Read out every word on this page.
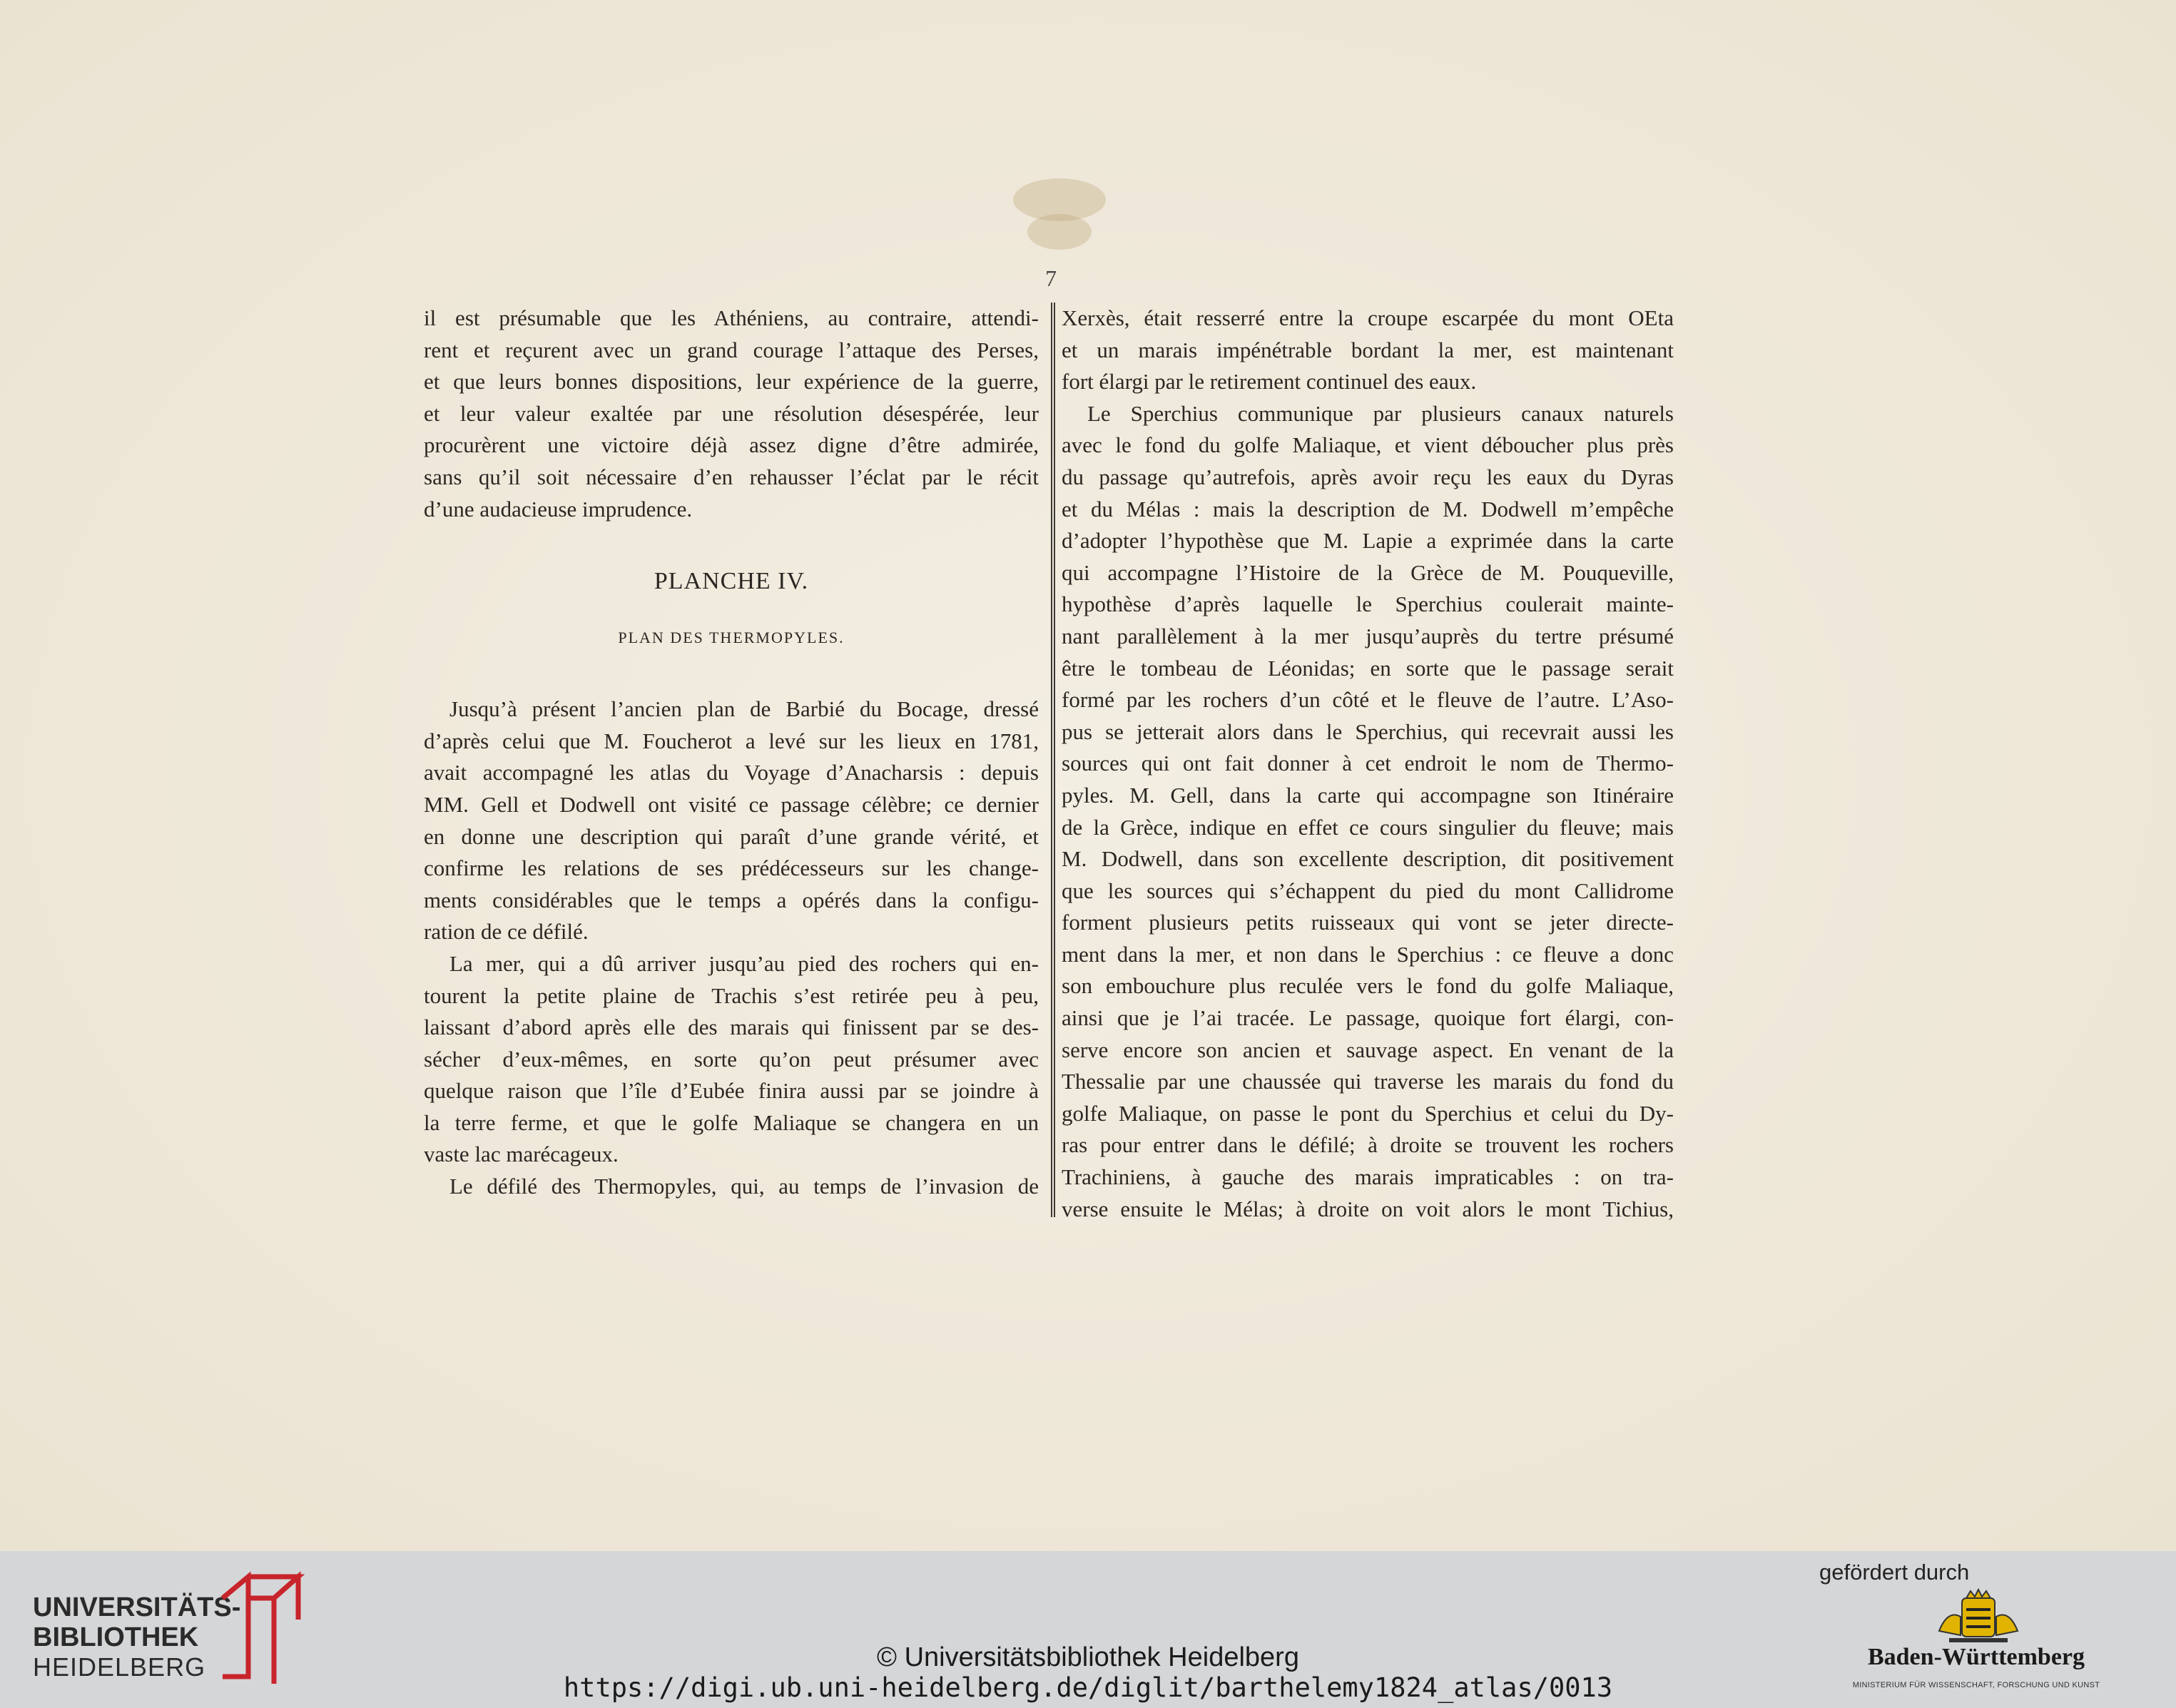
7
il est présumable que les Athéniens, au contraire, attendi-
rent et reçurent avec un grand courage l’attaque des Perses,
et que leurs bonnes dispositions, leur expérience de la guerre,
et leur valeur exaltée par une résolution désespérée, leur
procurèrent une victoire déjà assez digne d’être admirée,
sans qu’il soit nécessaire d’en rehausser l’éclat par le récit
d’une audacieuse imprudence.
PLANCHE IV.
PLAN DES THERMOPYLES.
Jusqu’à présent l’ancien plan de Barbié du Bocage, dressé
d’après celui que M. Foucherot a levé sur les lieux en 1781,
avait accompagné les atlas du Voyage d’Anacharsis : depuis
MM. Gell et Dodwell ont visité ce passage célèbre; ce dernier
en donne une description qui paraît d’une grande vérité, et
confirme les relations de ses prédécesseurs sur les change-
ments considérables que le temps a opérés dans la configu-
ration de ce défilé.
La mer, qui a dû arriver jusqu’au pied des rochers qui en-
tourent la petite plaine de Trachis s’est retirée peu à peu,
laissant d’abord après elle des marais qui finissent par se des-
sécher d’eux-mêmes, en sorte qu’on peut présumer avec
quelque raison que l’île d’Eubée finira aussi par se joindre à
la terre ferme, et que le golfe Maliaque se changera en un
vaste lac marécageux.
Le défilé des Thermopyles, qui, au temps de l’invasion de
Xerxès, était resserré entre la croupe escarpée du mont OEta
et un marais impénétrable bordant la mer, est maintenant
fort élargi par le retirement continuel des eaux.
Le Sperchius communique par plusieurs canaux naturels
avec le fond du golfe Maliaque, et vient déboucher plus près
du passage qu’autrefois, après avoir reçu les eaux du Dyras
et du Mélas : mais la description de M. Dodwell m’empêche
d’adopter l’hypothèse que M. Lapie a exprimée dans la carte
qui accompagne l’Histoire de la Grèce de M. Pouqueville,
hypothèse d’après laquelle le Sperchius coulerait mainte-
nant parallèlement à la mer jusqu’auprès du tertre présumé
être le tombeau de Léonidas; en sorte que le passage serait
formé par les rochers d’un côté et le fleuve de l’autre. L’Aso-
pus se jetterait alors dans le Sperchius, qui recevrait aussi les
sources qui ont fait donner à cet endroit le nom de Thermo-
pyles. M. Gell, dans la carte qui accompagne son Itinéraire
de la Grèce, indique en effet ce cours singulier du fleuve; mais
M. Dodwell, dans son excellente description, dit positivement
que les sources qui s’échappent du pied du mont Callidrome
forment plusieurs petits ruisseaux qui vont se jeter directe-
ment dans la mer, et non dans le Sperchius : ce fleuve a donc
son embouchure plus reculée vers le fond du golfe Maliaque,
ainsi que je l’ai tracée. Le passage, quoique fort élargi, con-
serve encore son ancien et sauvage aspect. En venant de la
Thessalie par une chaussée qui traverse les marais du fond du
golfe Maliaque, on passe le pont du Sperchius et celui du Dy-
ras pour entrer dans le défilé; à droite se trouvent les rochers
Trachiniens, à gauche des marais impraticables : on tra-
verse ensuite le Mélas; à droite on voit alors le mont Tichius,
UNIVERSITÄTS-
BIBLIOTHEK
HEIDELBERG	© Universitätsbibliothek Heidelberg
https://digi.ub.uni-heidelberg.de/diglit/barthelemy1824_atlas/0013
gefördert durch
Baden-Württemberg
MINISTERIUM FÜR WISSENSCHAFT, FORSCHUNG UND KUNST
